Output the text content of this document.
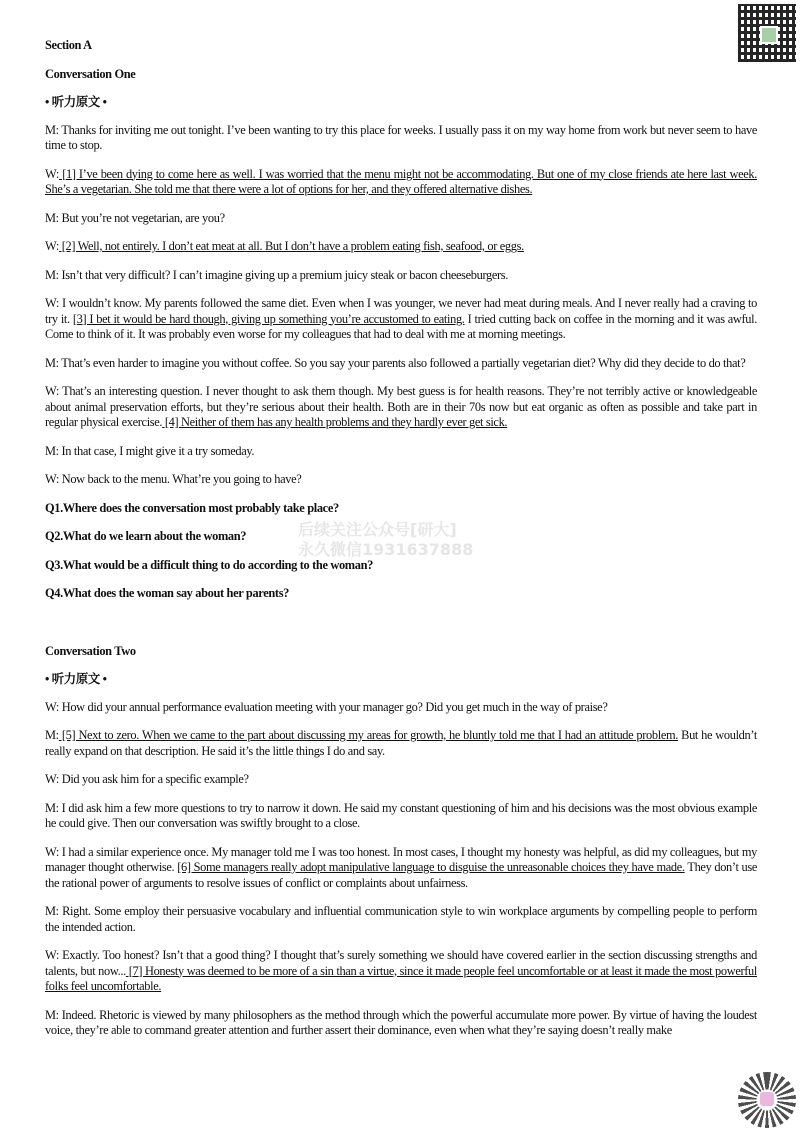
Section A

Conversation One

• 听力原文 •

M: Thanks for inviting me out tonight. I’ve been wanting to try this place for weeks. I usually pass it on my way home from work but never seem to have time to stop.

W: [1] I’ve been dying to come here as well. I was worried that the menu might not be accommodating. But one of my close friends ate here last week. She’s a vegetarian. She told me that there were a lot of options for her, and they offered alternative dishes.

M: But you’re not vegetarian, are you?

W: [2] Well, not entirely. I don’t eat meat at all. But I don’t have a problem eating fish, seafood, or eggs.

M: Isn’t that very difficult? I can’t imagine giving up a premium juicy steak or bacon cheeseburgers.

W: I wouldn’t know. My parents followed the same diet. Even when I was younger, we never had meat during meals. And I never really had a craving to try it. [3] I bet it would be hard though, giving up something you’re accustomed to eating. I tried cutting back on coffee in the morning and it was awful. Come to think of it. It was probably even worse for my colleagues that had to deal with me at morning meetings.

M: That’s even harder to imagine you without coffee. So you say your parents also followed a partially vegetarian diet? Why did they decide to do that?

W: That’s an interesting question. I never thought to ask them though. My best guess is for health reasons. They’re not terribly active or knowledgeable about animal preservation efforts, but they’re serious about their health. Both are in their 70s now but eat organic as often as possible and take part in regular physical exercise. [4] Neither of them has any health problems and they hardly ever get sick.

M: In that case, I might give it a try someday.

W: Now back to the menu. What’re you going to have?

Q1.Where does the conversation most probably take place?

Q2.What do we learn about the woman?

Q3.What would be a difficult thing to do according to the woman?

Q4.What does the woman say about her parents?

Conversation Two

• 听力原文 •

W: How did your annual performance evaluation meeting with your manager go? Did you get much in the way of praise?

M: [5] Next to zero. When we came to the part about discussing my areas for growth, he bluntly told me that I had an attitude problem. But he wouldn’t really expand on that description. He said it’s the little things I do and say.

W: Did you ask him for a specific example?

M: I did ask him a few more questions to try to narrow it down. He said my constant questioning of him and his decisions was the most obvious example he could give. Then our conversation was swiftly brought to a close.

W: I had a similar experience once. My manager told me I was too honest. In most cases, I thought my honesty was helpful, as did my colleagues, but my manager thought otherwise. [6] Some managers really adopt manipulative language to disguise the unreasonable choices they have made. They don’t use the rational power of arguments to resolve issues of conflict or complaints about unfairness.

M: Right. Some employ their persuasive vocabulary and influential communication style to win workplace arguments by compelling people to perform the intended action.

W: Exactly. Too honest? Isn’t that a good thing? I thought that’s surely something we should have covered earlier in the section discussing strengths and talents, but now... [7] Honesty was deemed to be more of a sin than a virtue, since it made people feel uncomfortable or at least it made the most powerful folks feel uncomfortable.

M: Indeed. Rhetoric is viewed by many philosophers as the method through which the powerful accumulate more power. By virtue of having the loudest voice, they’re able to command greater attention and further assert their dominance, even when what they’re saying doesn’t really make

后续关注公众号[研大]
永久微信1931637888
